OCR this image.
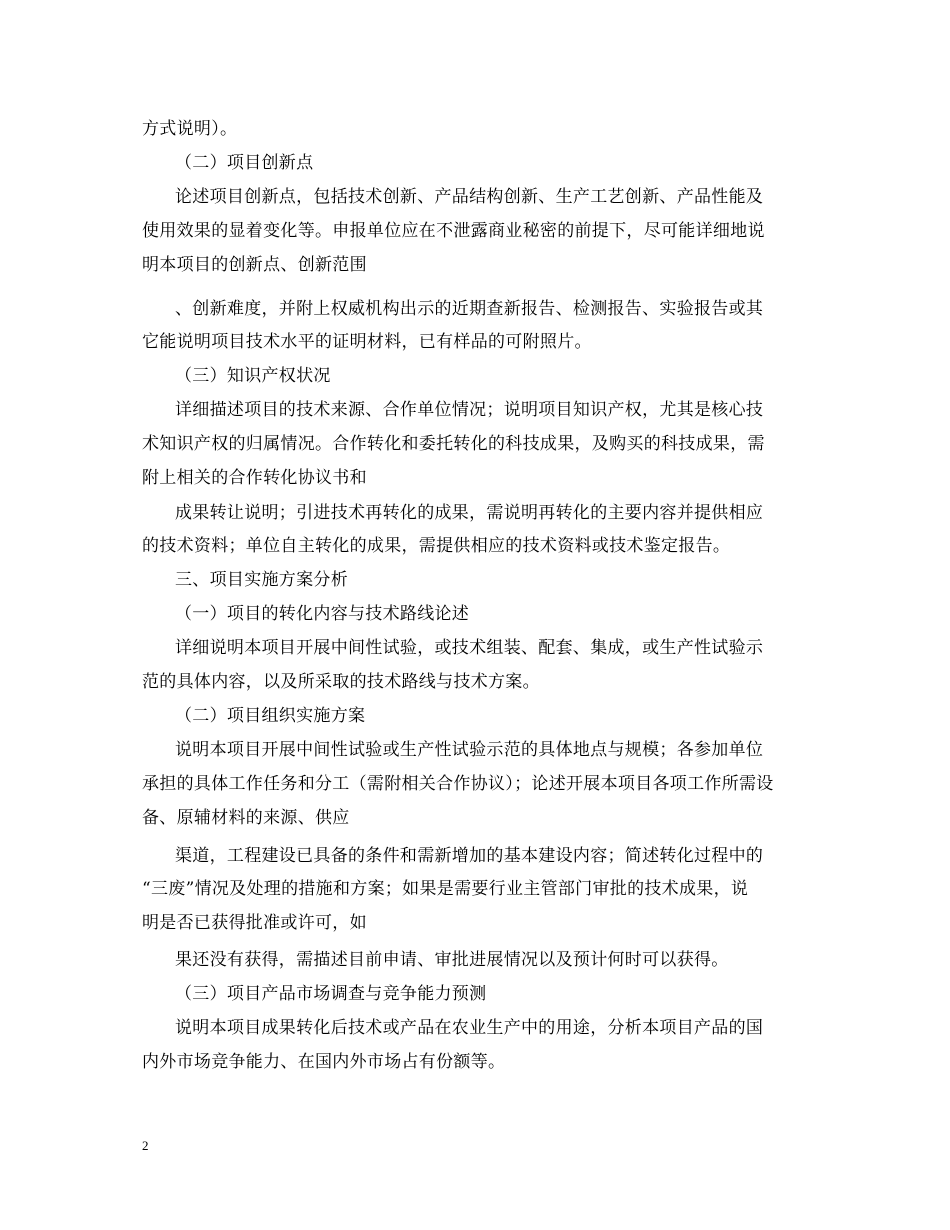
方式说明）。
（二）项目创新点
论述项目创新点，包括技术创新、产品结构创新、生产工艺创新、产品性能及
使用效果的显着变化等。申报单位应在不泄露商业秘密的前提下，尽可能详细地说
明本项目的创新点、创新范围
、创新难度，并附上权威机构出示的近期查新报告、检测报告、实验报告或其
它能说明项目技术水平的证明材料，已有样品的可附照片。
（三）知识产权状况
详细描述项目的技术来源、合作单位情况；说明项目知识产权，尤其是核心技
术知识产权的归属情况。合作转化和委托转化的科技成果，及购买的科技成果，需
附上相关的合作转化协议书和
成果转让说明；引进技术再转化的成果，需说明再转化的主要内容并提供相应
的技术资料；单位自主转化的成果，需提供相应的技术资料或技术鉴定报告。
三、项目实施方案分析
（一）项目的转化内容与技术路线论述
详细说明本项目开展中间性试验，或技术组装、配套、集成，或生产性试验示
范的具体内容，以及所采取的技术路线与技术方案。
（二）项目组织实施方案
说明本项目开展中间性试验或生产性试验示范的具体地点与规模；各参加单位
承担的具体工作任务和分工（需附相关合作协议）；论述开展本项目各项工作所需设
备、原辅材料的来源、供应
渠道，工程建设已具备的条件和需新增加的基本建设内容；简述转化过程中的
“三废”情况及处理的措施和方案；如果是需要行业主管部门审批的技术成果，说
明是否已获得批准或许可，如
果还没有获得，需描述目前申请、审批进展情况以及预计何时可以获得。
（三）项目产品市场调查与竞争能力预测
说明本项目成果转化后技术或产品在农业生产中的用途，分析本项目产品的国
内外市场竞争能力、在国内外市场占有份额等。
2
